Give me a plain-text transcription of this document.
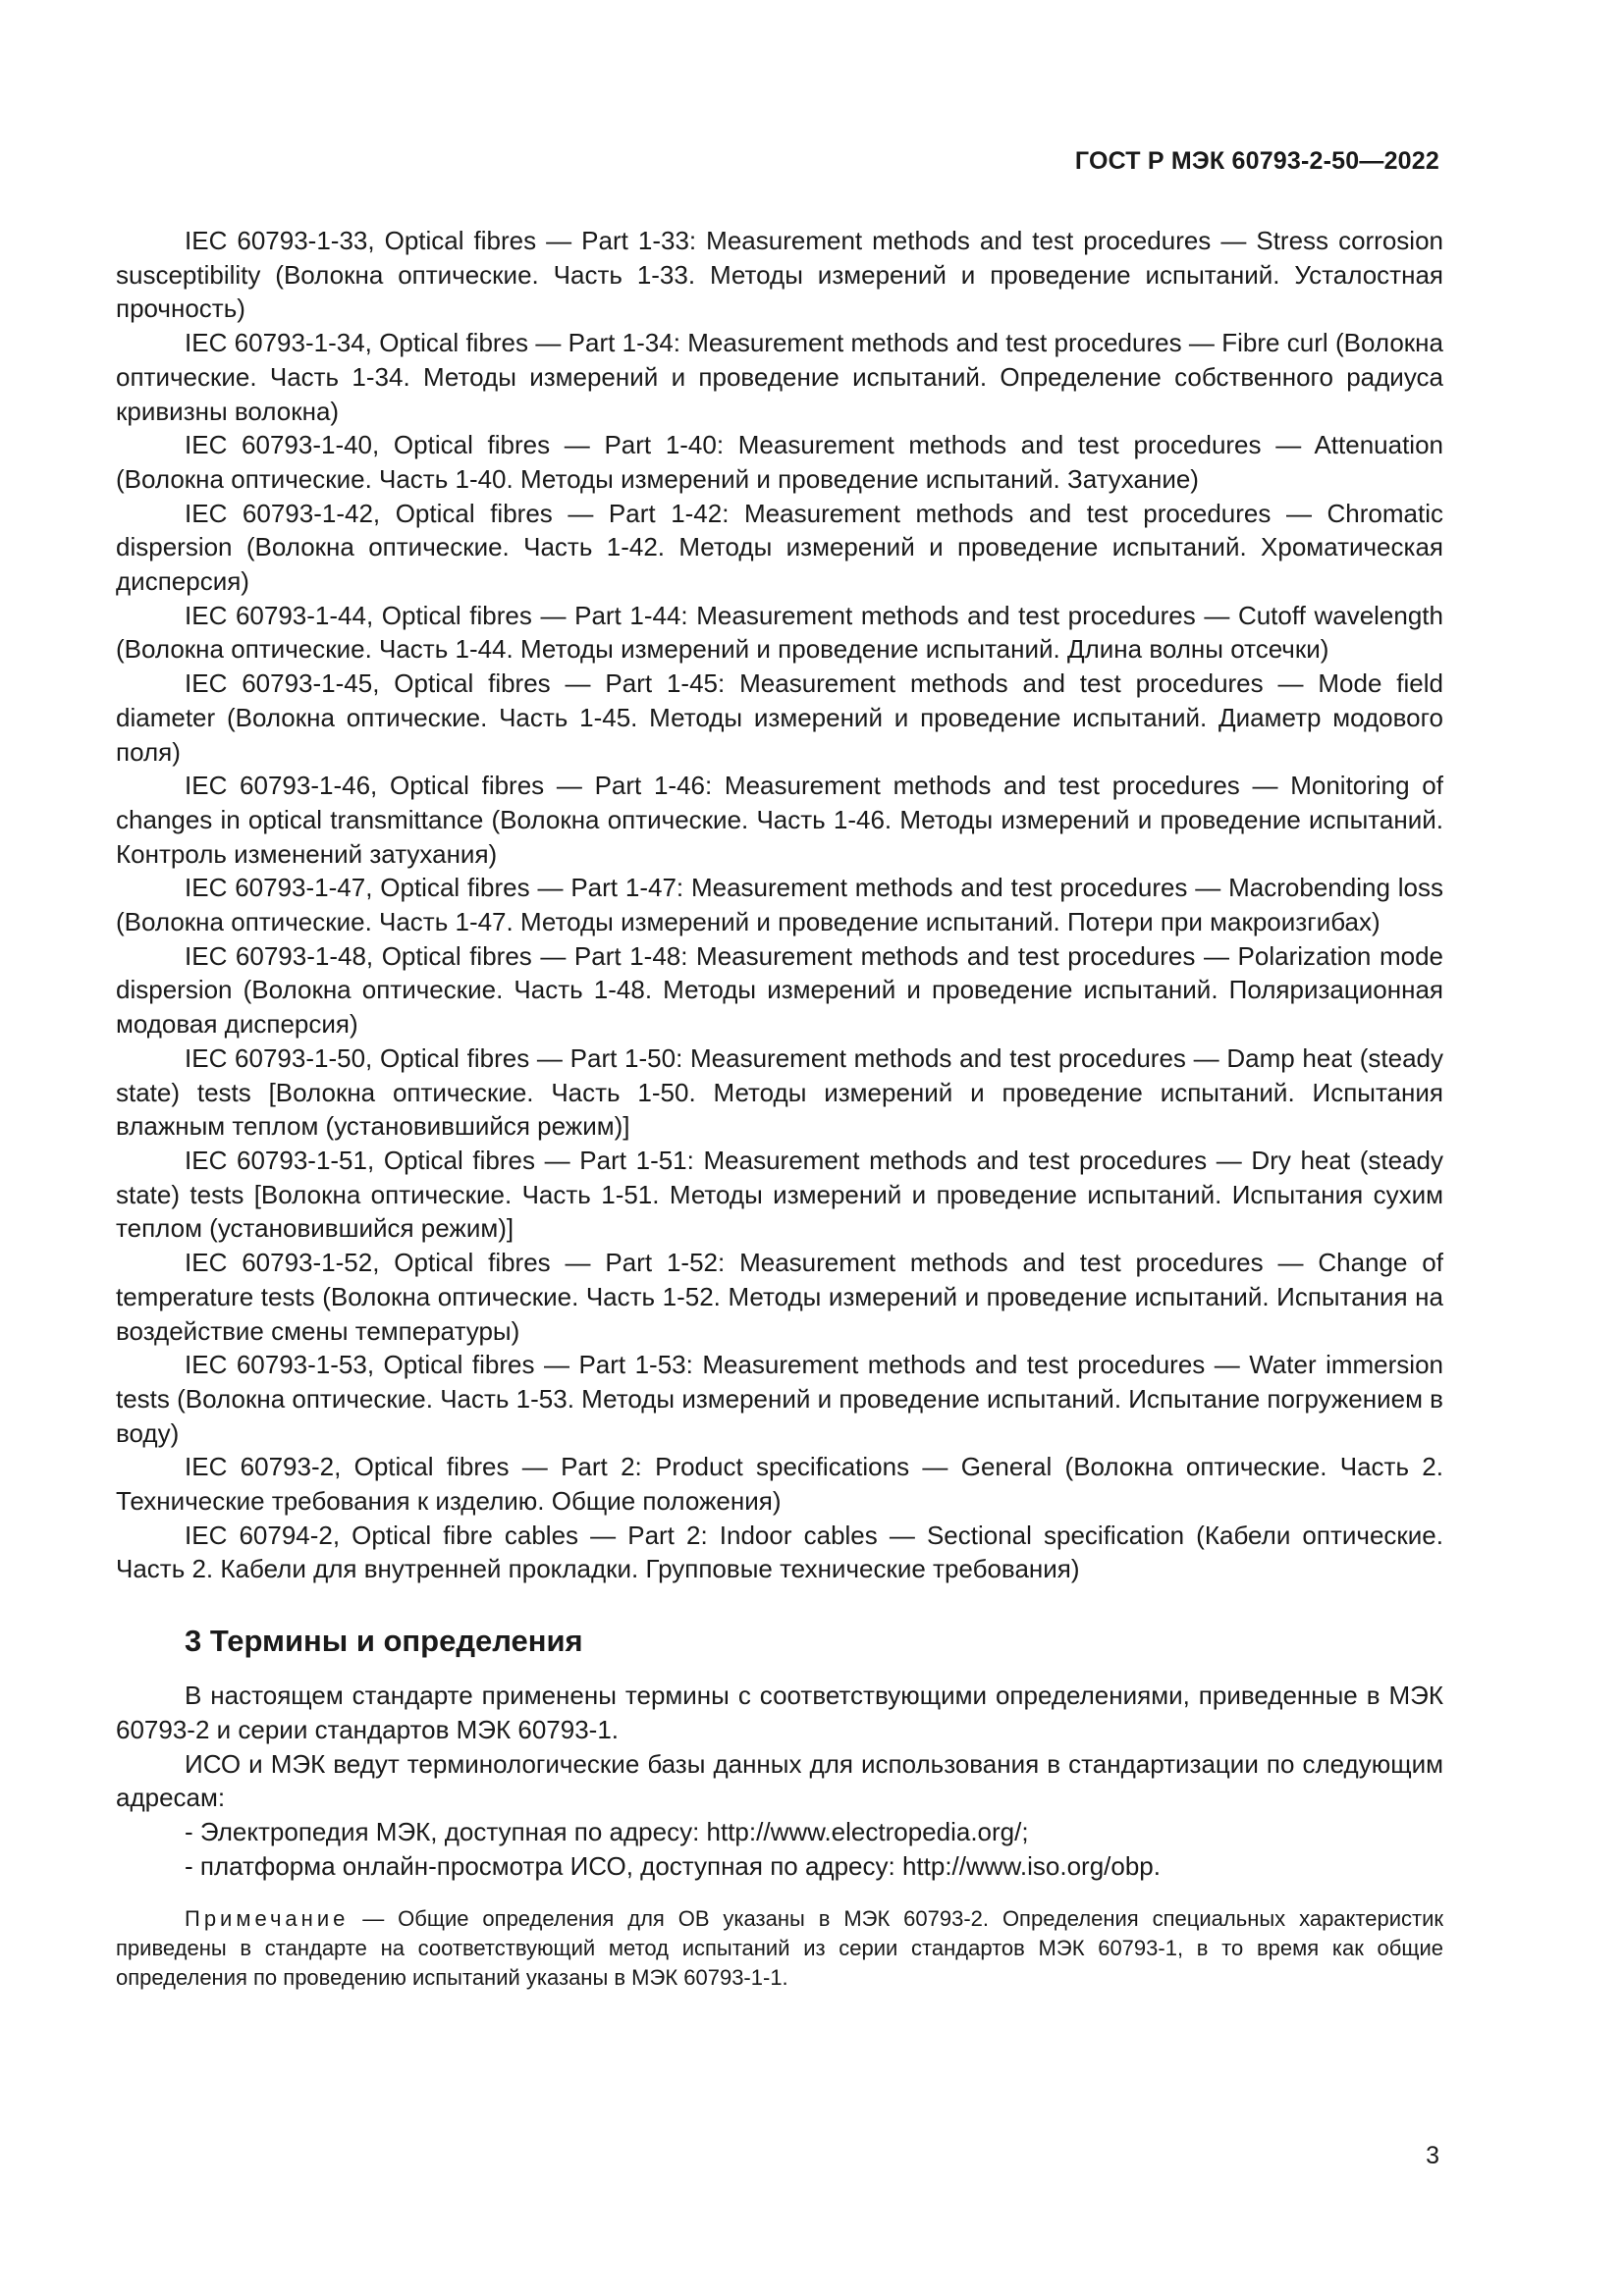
ГОСТ Р МЭК 60793-2-50—2022

IEC 60793-1-33, Optical fibres — Part 1-33: Measurement methods and test procedures — Stress corrosion susceptibility (Волокна оптические. Часть 1-33. Методы измерений и проведение испытаний. Усталостная прочность)

IEC 60793-1-34, Optical fibres — Part 1-34: Measurement methods and test procedures — Fibre curl (Волокна оптические. Часть 1-34. Методы измерений и проведение испытаний. Определение собственного радиуса кривизны волокна)

IEC 60793-1-40, Optical fibres — Part 1-40: Measurement methods and test procedures — Attenuation (Волокна оптические. Часть 1-40. Методы измерений и проведение испытаний. Затухание)

IEC 60793-1-42, Optical fibres — Part 1-42: Measurement methods and test procedures — Chromatic dispersion (Волокна оптические. Часть 1-42. Методы измерений и проведение испытаний. Хроматическая дисперсия)

IEC 60793-1-44, Optical fibres — Part 1-44: Measurement methods and test procedures — Cutoff wavelength (Волокна оптические. Часть 1-44. Методы измерений и проведение испытаний. Длина волны отсечки)

IEC 60793-1-45, Optical fibres — Part 1-45: Measurement methods and test procedures — Mode field diameter (Волокна оптические. Часть 1-45. Методы измерений и проведение испытаний. Диаметр модового поля)

IEC 60793-1-46, Optical fibres — Part 1-46: Measurement methods and test procedures — Monitoring of changes in optical transmittance (Волокна оптические. Часть 1-46. Методы измерений и проведение испытаний. Контроль изменений затухания)

IEC 60793-1-47, Optical fibres — Part 1-47: Measurement methods and test procedures — Macrobending loss (Волокна оптические. Часть 1-47. Методы измерений и проведение испытаний. Потери при макроизгибах)

IEC 60793-1-48, Optical fibres — Part 1-48: Measurement methods and test procedures — Polarization mode dispersion (Волокна оптические. Часть 1-48. Методы измерений и проведение испытаний. Поляризационная модовая дисперсия)

IEC 60793-1-50, Optical fibres — Part 1-50: Measurement methods and test procedures — Damp heat (steady state) tests [Волокна оптические. Часть 1-50. Методы измерений и проведение испытаний. Испытания влажным теплом (установившийся режим)]

IEC 60793-1-51, Optical fibres — Part 1-51: Measurement methods and test procedures — Dry heat (steady state) tests [Волокна оптические. Часть 1-51. Методы измерений и проведение испытаний. Испытания сухим теплом (установившийся режим)]

IEC 60793-1-52, Optical fibres — Part 1-52: Measurement methods and test procedures — Change of temperature tests (Волокна оптические. Часть 1-52. Методы измерений и проведение испытаний. Испытания на воздействие смены температуры)

IEC 60793-1-53, Optical fibres — Part 1-53: Measurement methods and test procedures — Water immersion tests (Волокна оптические. Часть 1-53. Методы измерений и проведение испытаний. Испытание погружением в воду)

IEC 60793-2, Optical fibres — Part 2: Product specifications — General (Волокна оптические. Часть 2. Технические требования к изделию. Общие положения)

IEC 60794-2, Optical fibre cables — Part 2: Indoor cables — Sectional specification (Кабели оптические. Часть 2. Кабели для внутренней прокладки. Групповые технические требования)

3 Термины и определения

В настоящем стандарте применены термины с соответствующими определениями, приведенные в МЭК 60793-2 и серии стандартов МЭК 60793-1.

ИСО и МЭК ведут терминологические базы данных для использования в стандартизации по следующим адресам:

- Электропедия МЭК, доступная по адресу: http://www.electropedia.org/;

- платформа онлайн-просмотра ИСО, доступная по адресу: http://www.iso.org/obp.

Примечание — Общие определения для ОВ указаны в МЭК 60793-2. Определения специальных характеристик приведены в стандарте на соответствующий метод испытаний из серии стандартов МЭК 60793-1, в то время как общие определения по проведению испытаний указаны в МЭК 60793-1-1.
3
